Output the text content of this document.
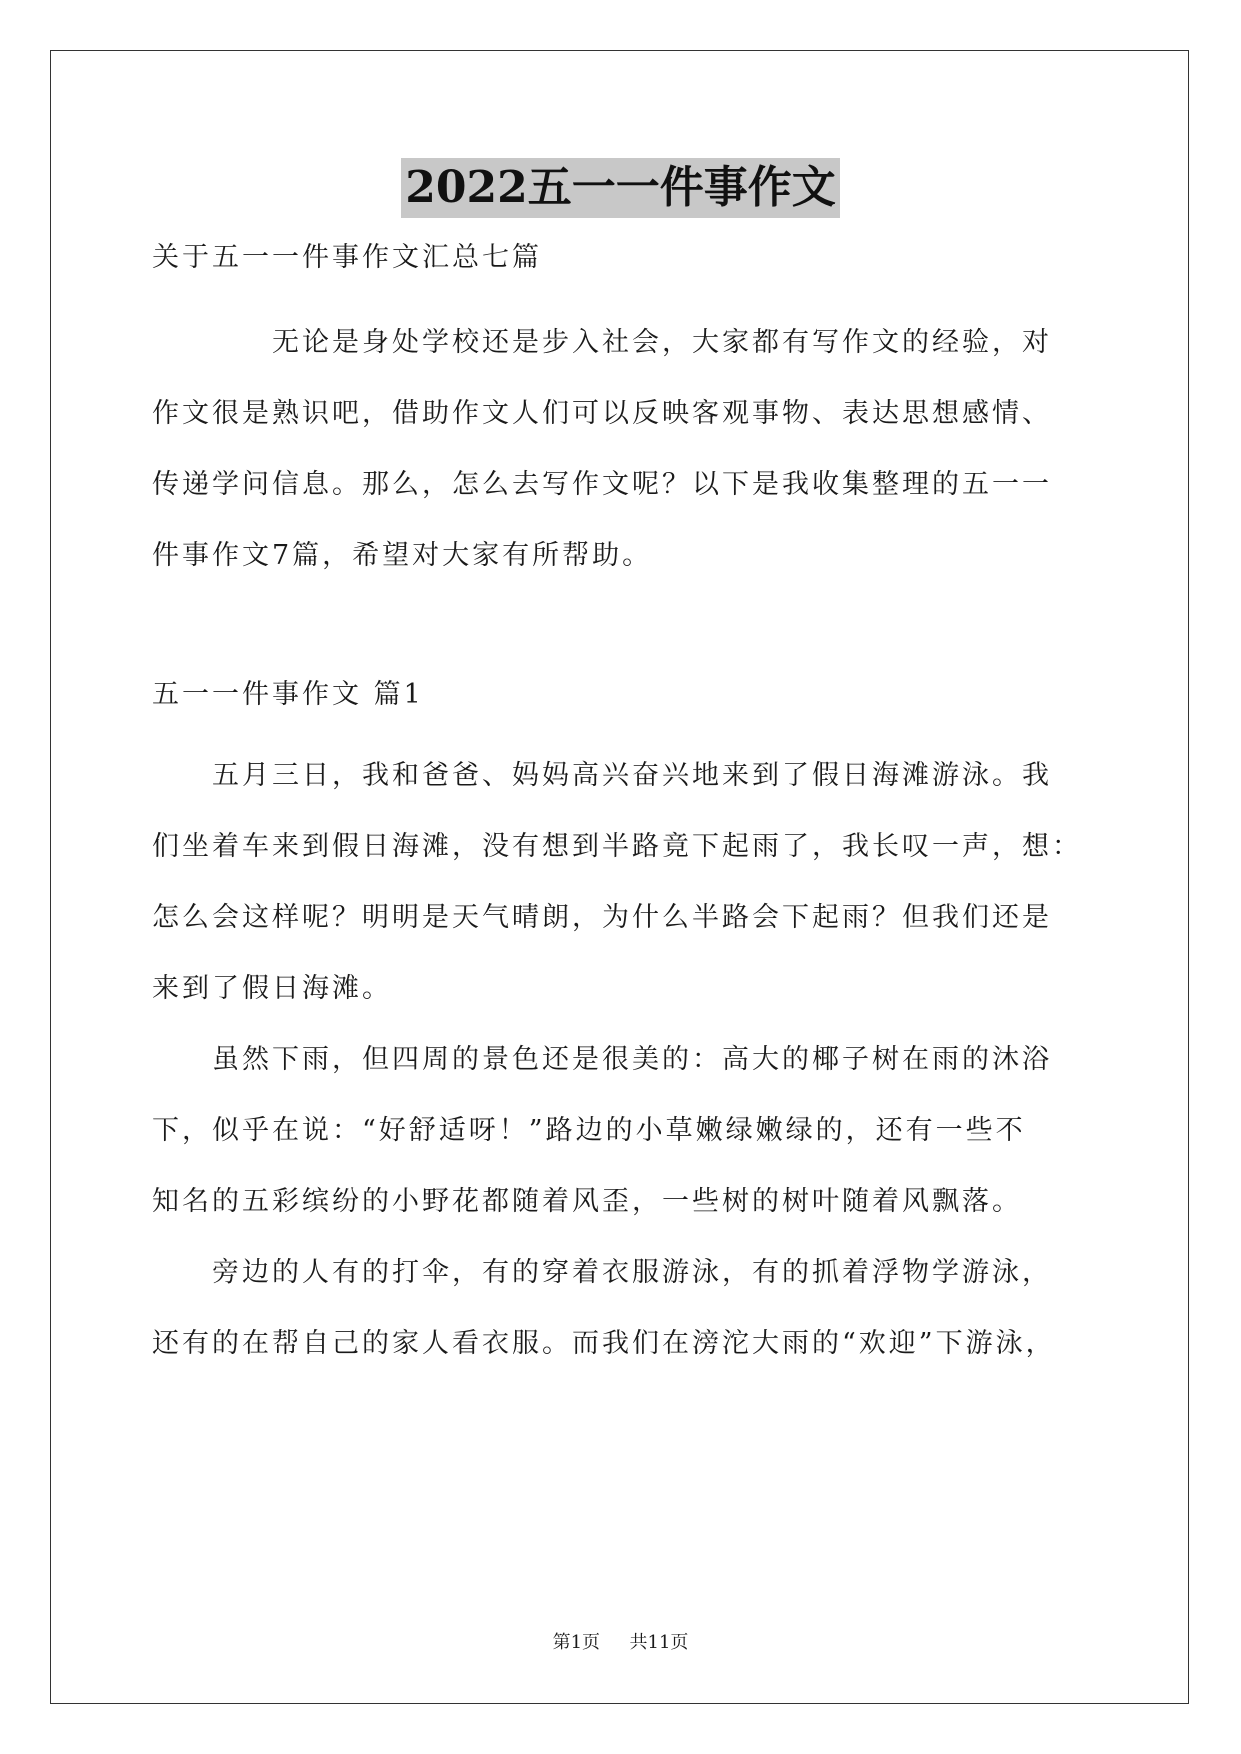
2022五一一件事作文
关于五一一件事作文汇总七篇
无论是身处学校还是步入社会，大家都有写作文的经验，对
作文很是熟识吧，借助作文人们可以反映客观事物、表达思想感情、
传递学问信息。那么，怎么去写作文呢？以下是我收集整理的五一一
件事作文7篇，希望对大家有所帮助。
五一一件事作文 篇1
五月三日，我和爸爸、妈妈高兴奋兴地来到了假日海滩游泳。我
们坐着车来到假日海滩，没有想到半路竟下起雨了，我长叹一声，想：
怎么会这样呢？明明是天气晴朗，为什么半路会下起雨？但我们还是
来到了假日海滩。
虽然下雨，但四周的景色还是很美的：高大的椰子树在雨的沐浴
下，似乎在说：“好舒适呀！”路边的小草嫩绿嫩绿的，还有一些不
知名的五彩缤纷的小野花都随着风歪，一些树的树叶随着风飘落。
旁边的人有的打伞，有的穿着衣服游泳，有的抓着浮物学游泳，
还有的在帮自己的家人看衣服。而我们在滂沱大雨的“欢迎”下游泳，
第1页 共11页
